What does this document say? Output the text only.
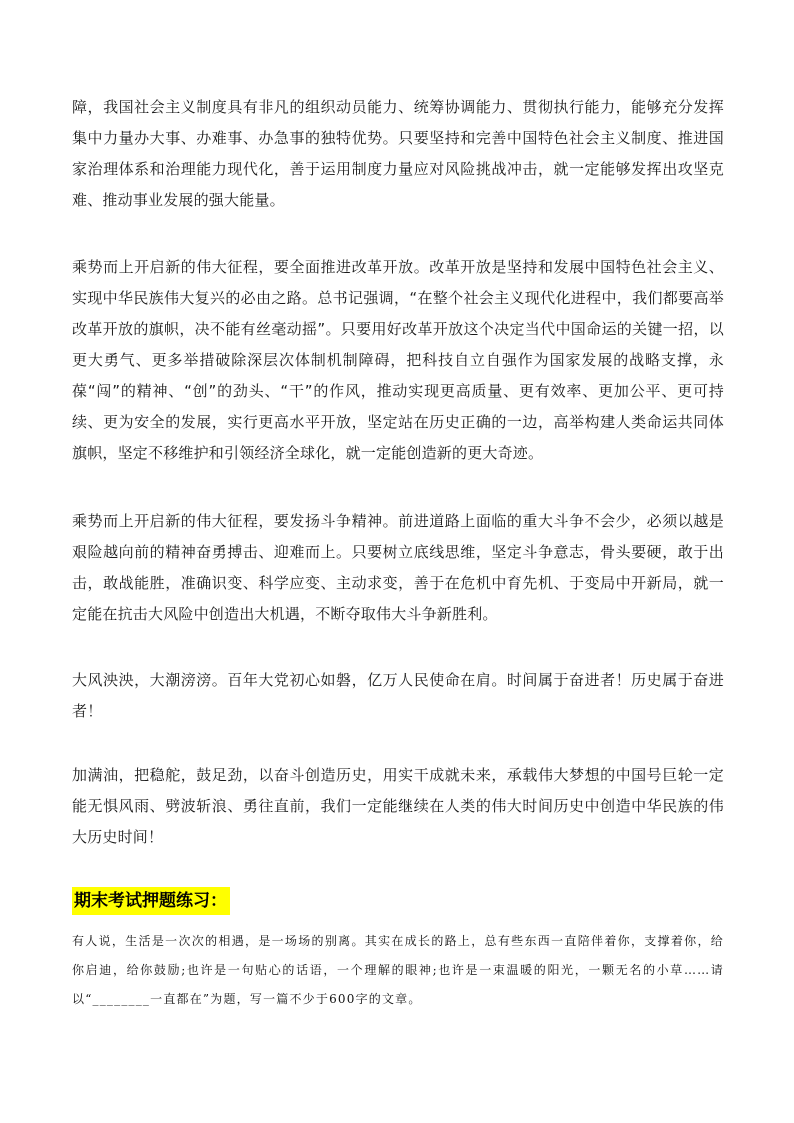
障，我国社会主义制度具有非凡的组织动员能力、统筹协调能力、贯彻执行能力，能够充分发挥集中力量办大事、办难事、办急事的独特优势。只要坚持和完善中国特色社会主义制度、推进国家治理体系和治理能力现代化，善于运用制度力量应对风险挑战冲击，就一定能够发挥出攻坚克难、推动事业发展的强大能量。

乘势而上开启新的伟大征程，要全面推进改革开放。改革开放是坚持和发展中国特色社会主义、实现中华民族伟大复兴的必由之路。总书记强调，“在整个社会主义现代化进程中，我们都要高举改革开放的旗帜，决不能有丝毫动摇”。只要用好改革开放这个决定当代中国命运的关键一招，以更大勇气、更多举措破除深层次体制机制障碍，把科技自立自强作为国家发展的战略支撑，永葆“闯”的精神、“创”的劲头、“干”的作风，推动实现更高质量、更有效率、更加公平、更可持续、更为安全的发展，实行更高水平开放，坚定站在历史正确的一边，高举构建人类命运共同体旗帜，坚定不移维护和引领经济全球化，就一定能创造新的更大奇迹。

乘势而上开启新的伟大征程，要发扬斗争精神。前进道路上面临的重大斗争不会少，必须以越是艰险越向前的精神奋勇搏击、迎难而上。只要树立底线思维，坚定斗争意志，骨头要硬，敢于出击，敢战能胜，准确识变、科学应变、主动求变，善于在危机中育先机、于变局中开新局，就一定能在抗击大风险中创造出大机遇，不断夺取伟大斗争新胜利。

大风泱泱，大潮滂滂。百年大党初心如磐，亿万人民使命在肩。时间属于奋进者！历史属于奋进者！

加满油，把稳舵，鼓足劲，以奋斗创造历史，用实干成就未来，承载伟大梦想的中国号巨轮一定能无惧风雨、劈波斩浪、勇往直前，我们一定能继续在人类的伟大时间历史中创造中华民族的伟大历史时间！

期末考试押题练习：

有人说，生活是一次次的相遇，是一场场的别离。其实在成长的路上，总有些东西一直陪伴着你，支撑着你，给你启迪，给你鼓励;也许是一句贴心的话语，一个理解的眼神;也许是一束温暖的阳光，一颗无名的小草……请以“________一直都在”为题，写一篇不少于600字的文章。
